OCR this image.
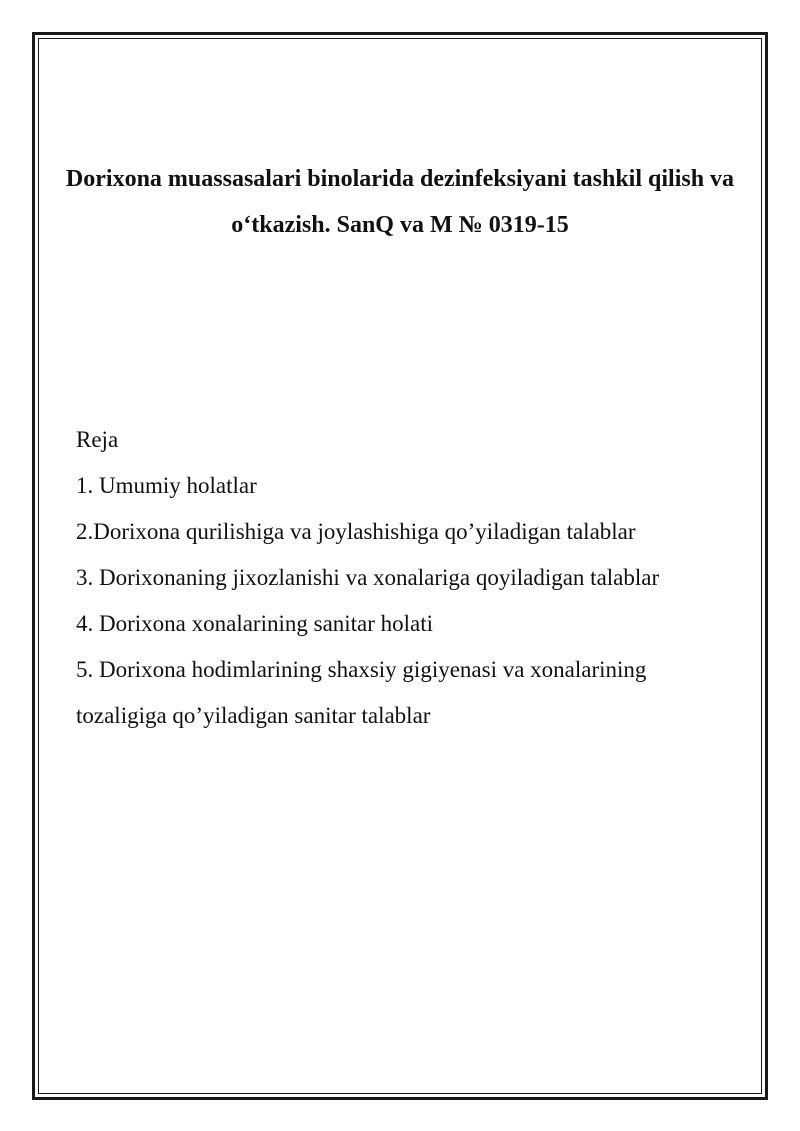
Dorixona muassasalari binolarida dezinfeksiyani tashkil qilish va o‘tkazish. SanQ va M № 0319-15

Reja

1. Umumiy holatlar

2.Dorixona qurilishiga va joylashishiga qo’yiladigan talablar

3. Dorixonaning jixozlanishi va xonalariga qoyiladigan talablar

4. Dorixona xonalarining sanitar holati

5. Dorixona hodimlarining shaxsiy gigiyenasi va xonalarining tozaligiga qo’yiladigan sanitar talablar
